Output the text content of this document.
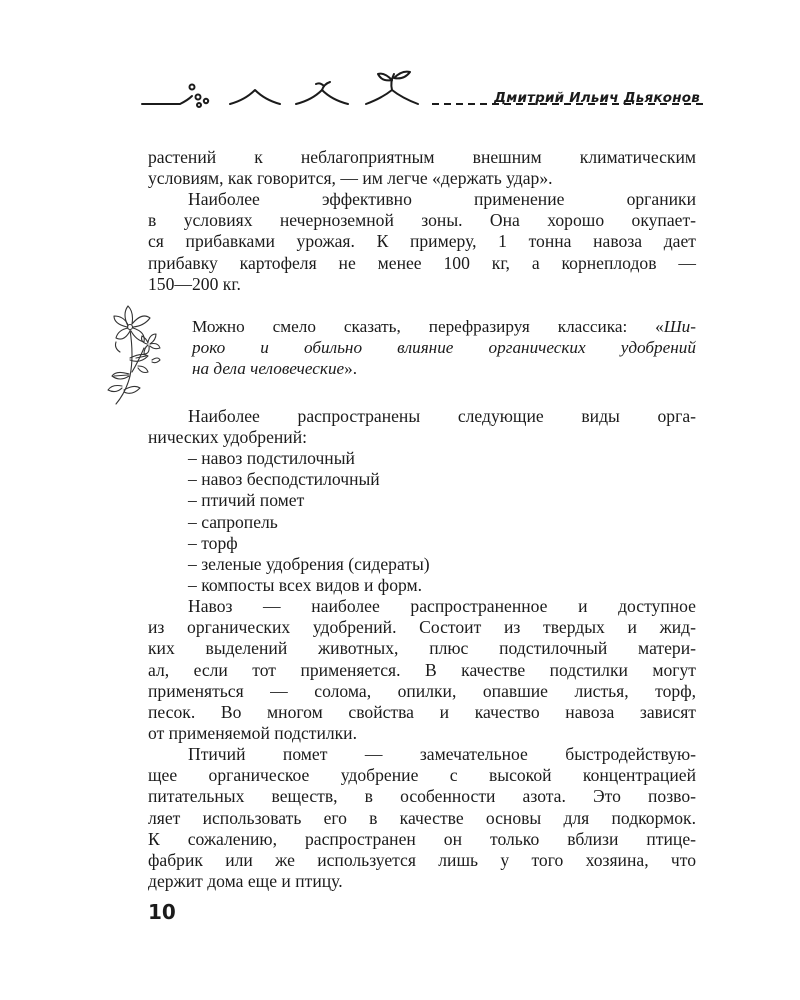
Дмитрий Ильич Дьяконов
растений к неблагоприятным внешним климатическим
условиям, как говорится, — им легче «держать удар».
Наиболее эффективно применение органики
в условиях нечерноземной зоны. Она хорошо окупает-
ся прибавками урожая. К примеру, 1 тонна навоза дает
прибавку картофеля не менее 100 кг, а корнеплодов —
150—200 кг.
Можно смело сказать, перефразируя классика: «Ши-
роко и обильно влияние органических удобрений
на дела человеческие».
Наиболее распространены следующие виды орга-
нических удобрений:
– навоз подстилочный
– навоз бесподстилочный
– птичий помет
– сапропель
– торф
– зеленые удобрения (сидераты)
– компосты всех видов и форм.
Навоз — наиболее распространенное и доступное
из органических удобрений. Состоит из твердых и жид-
ких выделений животных, плюс подстилочный матери-
ал, если тот применяется. В качестве подстилки могут
применяться — солома, опилки, опавшие листья, торф,
песок. Во многом свойства и качество навоза зависят
от применяемой подстилки.
Птичий помет — замечательное быстродействую-
щее органическое удобрение с высокой концентрацией
питательных веществ, в особенности азота. Это позво-
ляет использовать его в качестве основы для подкормок.
К сожалению, распространен он только вблизи птице-
фабрик или же используется лишь у того хозяина, что
держит дома еще и птицу.
10
